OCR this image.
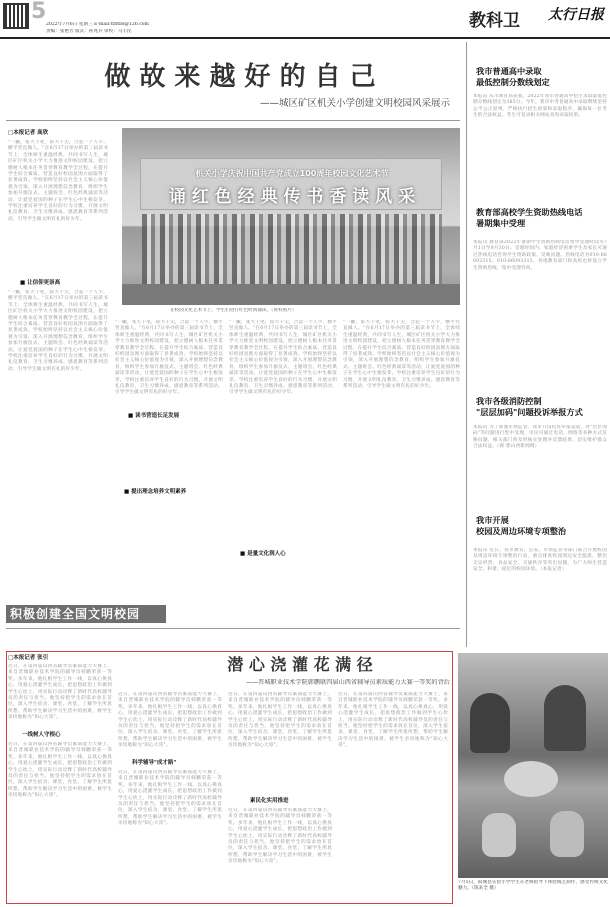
5
2022年7月6日 星期三 E-mail:tthtbs@126.com
责编：张艳芳 版式：孙兆兵 审校：马丰民
教科卫 太行日报
做 故 来 越 好 的 自 己
——城区矿区机关小学创建文明校园风采展示
□本报记者 高欣
"一撇，张大干笔，捺大干尖，合起一个人字，横平竖直做人。"在6月17日举办的第三届读书节上，全体师生重温经典，共同书写人生，城区矿区机关小学大力推进文明校园建设，把立德树人根本任务贯穿教育教学全过程，在提升学生综合素质、营造良好校园氛围方面取得了显著成效。学校始终坚持以社会主义核心价值观为引领，深入开展理想信念教育，组织学生参加升旗仪式、主题班会、红色经典诵读等活动，让爱党爱国的种子在学生心中生根发芽。学校注重培养学生良好的行为习惯，开展文明礼仪教育、卫生习惯养成、感恩教育等系列活动，引导学生做文明有礼的好少年。
机关小学庆祝中国共产党成立100周年校园文化艺术节
诵 红 色 经 典 传 书 香 读 风 采
在校园文化艺术节上，学生们进行红色经典诵读。（资料照片）
■ 让信仰更崇高
"一撇，张大干笔，捺大干尖，合起一个人字，横平竖直做人。"在6月17日举办的第三届读书节上，全体师生重温经典，共同书写人生，城区矿区机关小学大力推进文明校园建设，把立德树人根本任务贯穿教育教学全过程，在提升学生综合素质、营造良好校园氛围方面取得了显著成效。学校始终坚持以社会主义核心价值观为引领，深入开展理想信念教育，组织学生参加升旗仪式、主题班会、红色经典诵读等活动，让爱党爱国的种子在学生心中生根发芽。学校注重培养学生良好的行为习惯，开展文明礼仪教育、卫生习惯养成、感恩教育等系列活动，引导学生做文明有礼的好少年。
"一撇，张大干笔，捺大干尖，合起一个人字，横平竖直做人。"在6月17日举办的第三届读书节上，全体师生重温经典，共同书写人生，城区矿区机关小学大力推进文明校园建设，把立德树人根本任务贯穿教育教学全过程，在提升学生综合素质、营造良好校园氛围方面取得了显著成效。学校始终坚持以社会主义核心价值观为引领，深入开展理想信念教育，组织学生参加升旗仪式、主题班会、红色经典诵读等活动，让爱党爱国的种子在学生心中生根发芽。学校注重培养学生良好的行为习惯，开展文明礼仪教育、卫生习惯养成、感恩教育等系列活动，引导学生做文明有礼的好少年。
■ 读书营造长足发展
■ 提出理念培养文明素养
"一撇，张大干笔，捺大干尖，合起一个人字，横平竖直做人。"在6月17日举办的第三届读书节上，全体师生重温经典，共同书写人生，城区矿区机关小学大力推进文明校园建设，把立德树人根本任务贯穿教育教学全过程，在提升学生综合素质、营造良好校园氛围方面取得了显著成效。学校始终坚持以社会主义核心价值观为引领，深入开展理想信念教育，组织学生参加升旗仪式、主题班会、红色经典诵读等活动，让爱党爱国的种子在学生心中生根发芽。学校注重培养学生良好的行为习惯，开展文明礼仪教育、卫生习惯养成、感恩教育等系列活动，引导学生做文明有礼的好少年。
"一撇，张大干笔，捺大干尖，合起一个人字，横平竖直做人。"在6月17日举办的第三届读书节上，全体师生重温经典，共同书写人生，城区矿区机关小学大力推进文明校园建设，把立德树人根本任务贯穿教育教学全过程，在提升学生综合素质、营造良好校园氛围方面取得了显著成效。学校始终坚持以社会主义核心价值观为引领，深入开展理想信念教育，组织学生参加升旗仪式、主题班会、红色经典诵读等活动，让爱党爱国的种子在学生心中生根发芽。学校注重培养学生良好的行为习惯，开展文明礼仪教育、卫生习惯养成、感恩教育等系列活动，引导学生做文明有礼的好少年。
■ 是量文化润人心
积极创建全国文明校园
我市普通高中录取
最低控制分数线划定
本报讯 从市教育局获悉，2022年我市普通高中招生录取最低控制分数线划定为385分。今年，我市中考普通高中录取继续坚持公平公正原则，严格执行招生政策和录取程序，确保每一位考生的合法权益。考生可登录相关网站查询录取结果。
教育部高校学生资助热线电话
暑期集中受理
本报讯 教育部2022年暑期学生资助热线电话集中受理时间为7月1日至9月30日。受理时间内，家庭经济困难学生及家长可通过热线电话咨询学生资助政策、反映问题。热线电话为010-66092315、010-66093315。各地教育部门和高校也将设立学生资助热线，集中受理咨询。
我市各级消防控制
"层层加码"问题投诉举报方式
本报讯 为了加强市场监管，我市开设投诉举报渠道，对"层层加码"等问题进行集中受理，市民可通过电话、网络等多种方式反映问题，相关部门将及时核实处理并反馈结果，切实维护群众合法权益。（韩 郭山西新闻网）
我市开展
校园及周边环境专项整治
本报讯 近日，我市教育、公安、市场监管等部门联合开展校园及周边环境专项整治行动，重点排查校园周边安全隐患，整治无证经营、食品安全、交通秩序等突出问题，为广大师生营造安全、和谐、稳定的校园环境。（本报记者）
□本报记者 张引	潜 心 浇 灌 花 满 径
——晋城职业技术学院韩鹏联四届山西省辅导员素质能力大赛一等奖的背后
近日，在第四届山西省辅导员素质能力大赛上，来自晋城职业技术学院的辅导员韩鹏荣获一等奖。多年来，他扎根学生工作一线，以真心换真心，用爱心浇灌学生成长，把思想政治工作做到学生心坎上，用实际行动诠释了新时代高校辅导员的责任与担当。他坚持把学生的需求放在首位，深入学生宿舍、课堂、食堂，了解学生所思所想，帮助学生解决学习生活中的困难，被学生亲切地称为"知心大哥"。
一线树人守根心
近日，在第四届山西省辅导员素质能力大赛上，来自晋城职业技术学院的辅导员韩鹏荣获一等奖。多年来，他扎根学生工作一线，以真心换真心，用爱心浇灌学生成长，把思想政治工作做到学生心坎上，用实际行动诠释了新时代高校辅导员的责任与担当。他坚持把学生的需求放在首位，深入学生宿舍、课堂、食堂，了解学生所思所想，帮助学生解决学习生活中的困难，被学生亲切地称为"知心大哥"。
近日，在第四届山西省辅导员素质能力大赛上，来自晋城职业技术学院的辅导员韩鹏荣获一等奖。多年来，他扎根学生工作一线，以真心换真心，用爱心浇灌学生成长，把思想政治工作做到学生心坎上，用实际行动诠释了新时代高校辅导员的责任与担当。他坚持把学生的需求放在首位，深入学生宿舍、课堂、食堂，了解学生所思所想，帮助学生解决学习生活中的困难，被学生亲切地称为"知心大哥"。
科学辅导"成才路"
近日，在第四届山西省辅导员素质能力大赛上，来自晋城职业技术学院的辅导员韩鹏荣获一等奖。多年来，他扎根学生工作一线，以真心换真心，用爱心浇灌学生成长，把思想政治工作做到学生心坎上，用实际行动诠释了新时代高校辅导员的责任与担当。他坚持把学生的需求放在首位，深入学生宿舍、课堂、食堂，了解学生所思所想，帮助学生解决学习生活中的困难，被学生亲切地称为"知心大哥"。
近日，在第四届山西省辅导员素质能力大赛上，来自晋城职业技术学院的辅导员韩鹏荣获一等奖。多年来，他扎根学生工作一线，以真心换真心，用爱心浇灌学生成长，把思想政治工作做到学生心坎上，用实际行动诠释了新时代高校辅导员的责任与担当。他坚持把学生的需求放在首位，深入学生宿舍、课堂、食堂，了解学生所思所想，帮助学生解决学习生活中的困难，被学生亲切地称为"知心大哥"。
素民化实用推进
近日，在第四届山西省辅导员素质能力大赛上，来自晋城职业技术学院的辅导员韩鹏荣获一等奖。多年来，他扎根学生工作一线，以真心换真心，用爱心浇灌学生成长，把思想政治工作做到学生心坎上，用实际行动诠释了新时代高校辅导员的责任与担当。他坚持把学生的需求放在首位，深入学生宿舍、课堂、食堂，了解学生所思所想，帮助学生解决学习生活中的困难，被学生亲切地称为"知心大哥"。
近日，在第四届山西省辅导员素质能力大赛上，来自晋城职业技术学院的辅导员韩鹏荣获一等奖。多年来，他扎根学生工作一线，以真心换真心，用爱心浇灌学生成长，把思想政治工作做到学生心坎上，用实际行动诠释了新时代高校辅导员的责任与担当。他坚持把学生的需求放在首位，深入学生宿舍、课堂、食堂，了解学生所思所想，帮助学生解决学习生活中的困难，被学生亲切地称为"知心大哥"。
7月5日，阳城县实验小学学生在老师指导下体验陶艺制作，感受传统文化魅力。（陈来全 摄）
